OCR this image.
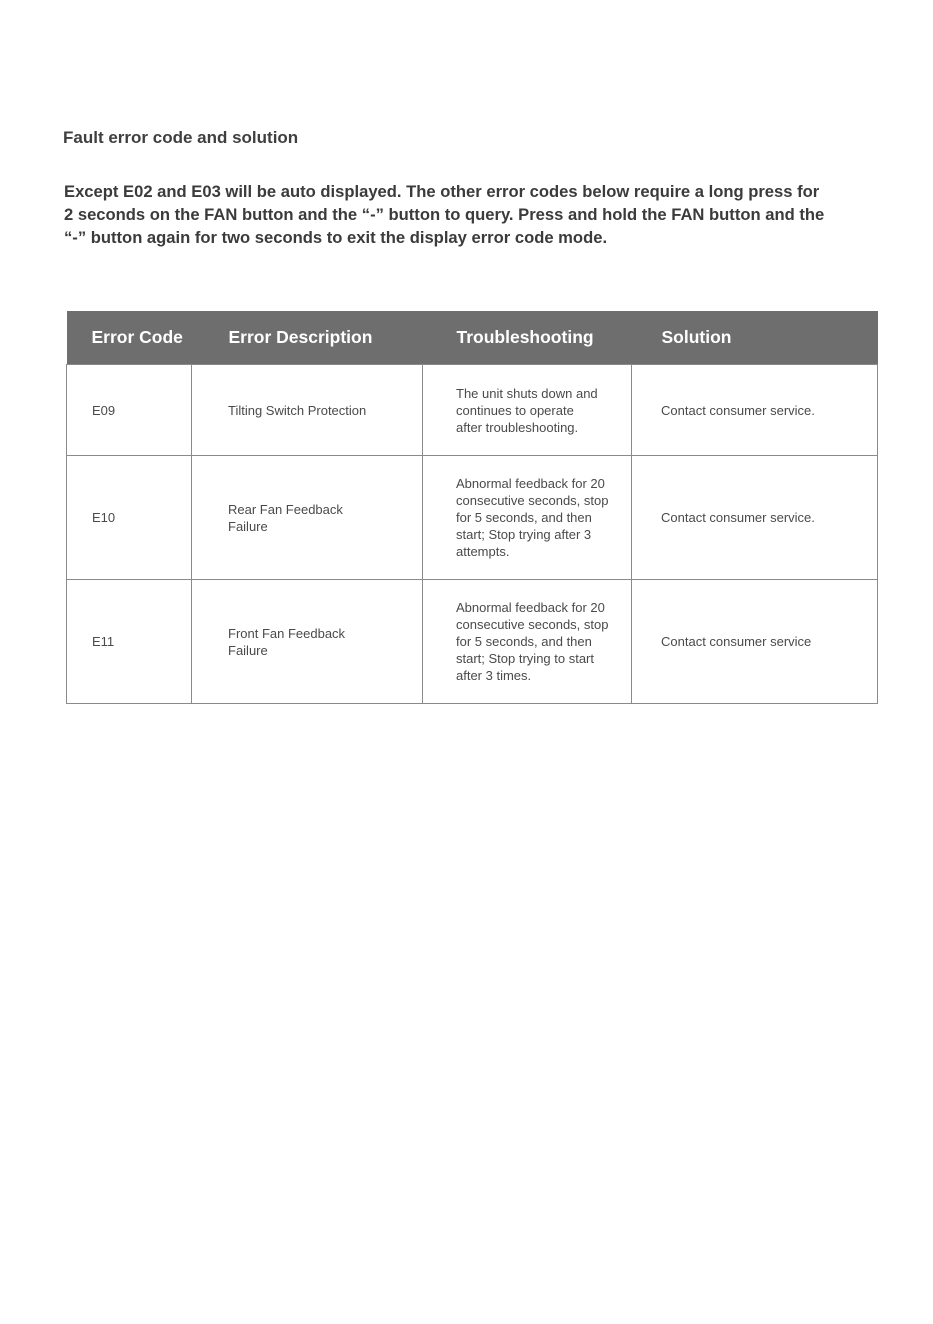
Fault error code and solution

Except E02 and E03 will be auto displayed. The other error codes below require a long press for
2 seconds on the FAN button and the “-” button to query. Press and hold the FAN button and the
“-” button again for two seconds to exit the display error code mode.

Error Code	Error Description	Troubleshooting	Solution
E09	Tilting Switch Protection	The unit shuts down and
continues to operate
after troubleshooting.	Contact consumer service.
E10	Rear Fan Feedback
Failure	Abnormal feedback for 20
consecutive seconds, stop
for 5 seconds, and then
start; Stop trying after 3
attempts.	Contact consumer service.
E11	Front Fan Feedback
Failure	Abnormal feedback for 20
consecutive seconds, stop
for 5 seconds, and then
start; Stop trying to start
after 3 times.	Contact consumer service
